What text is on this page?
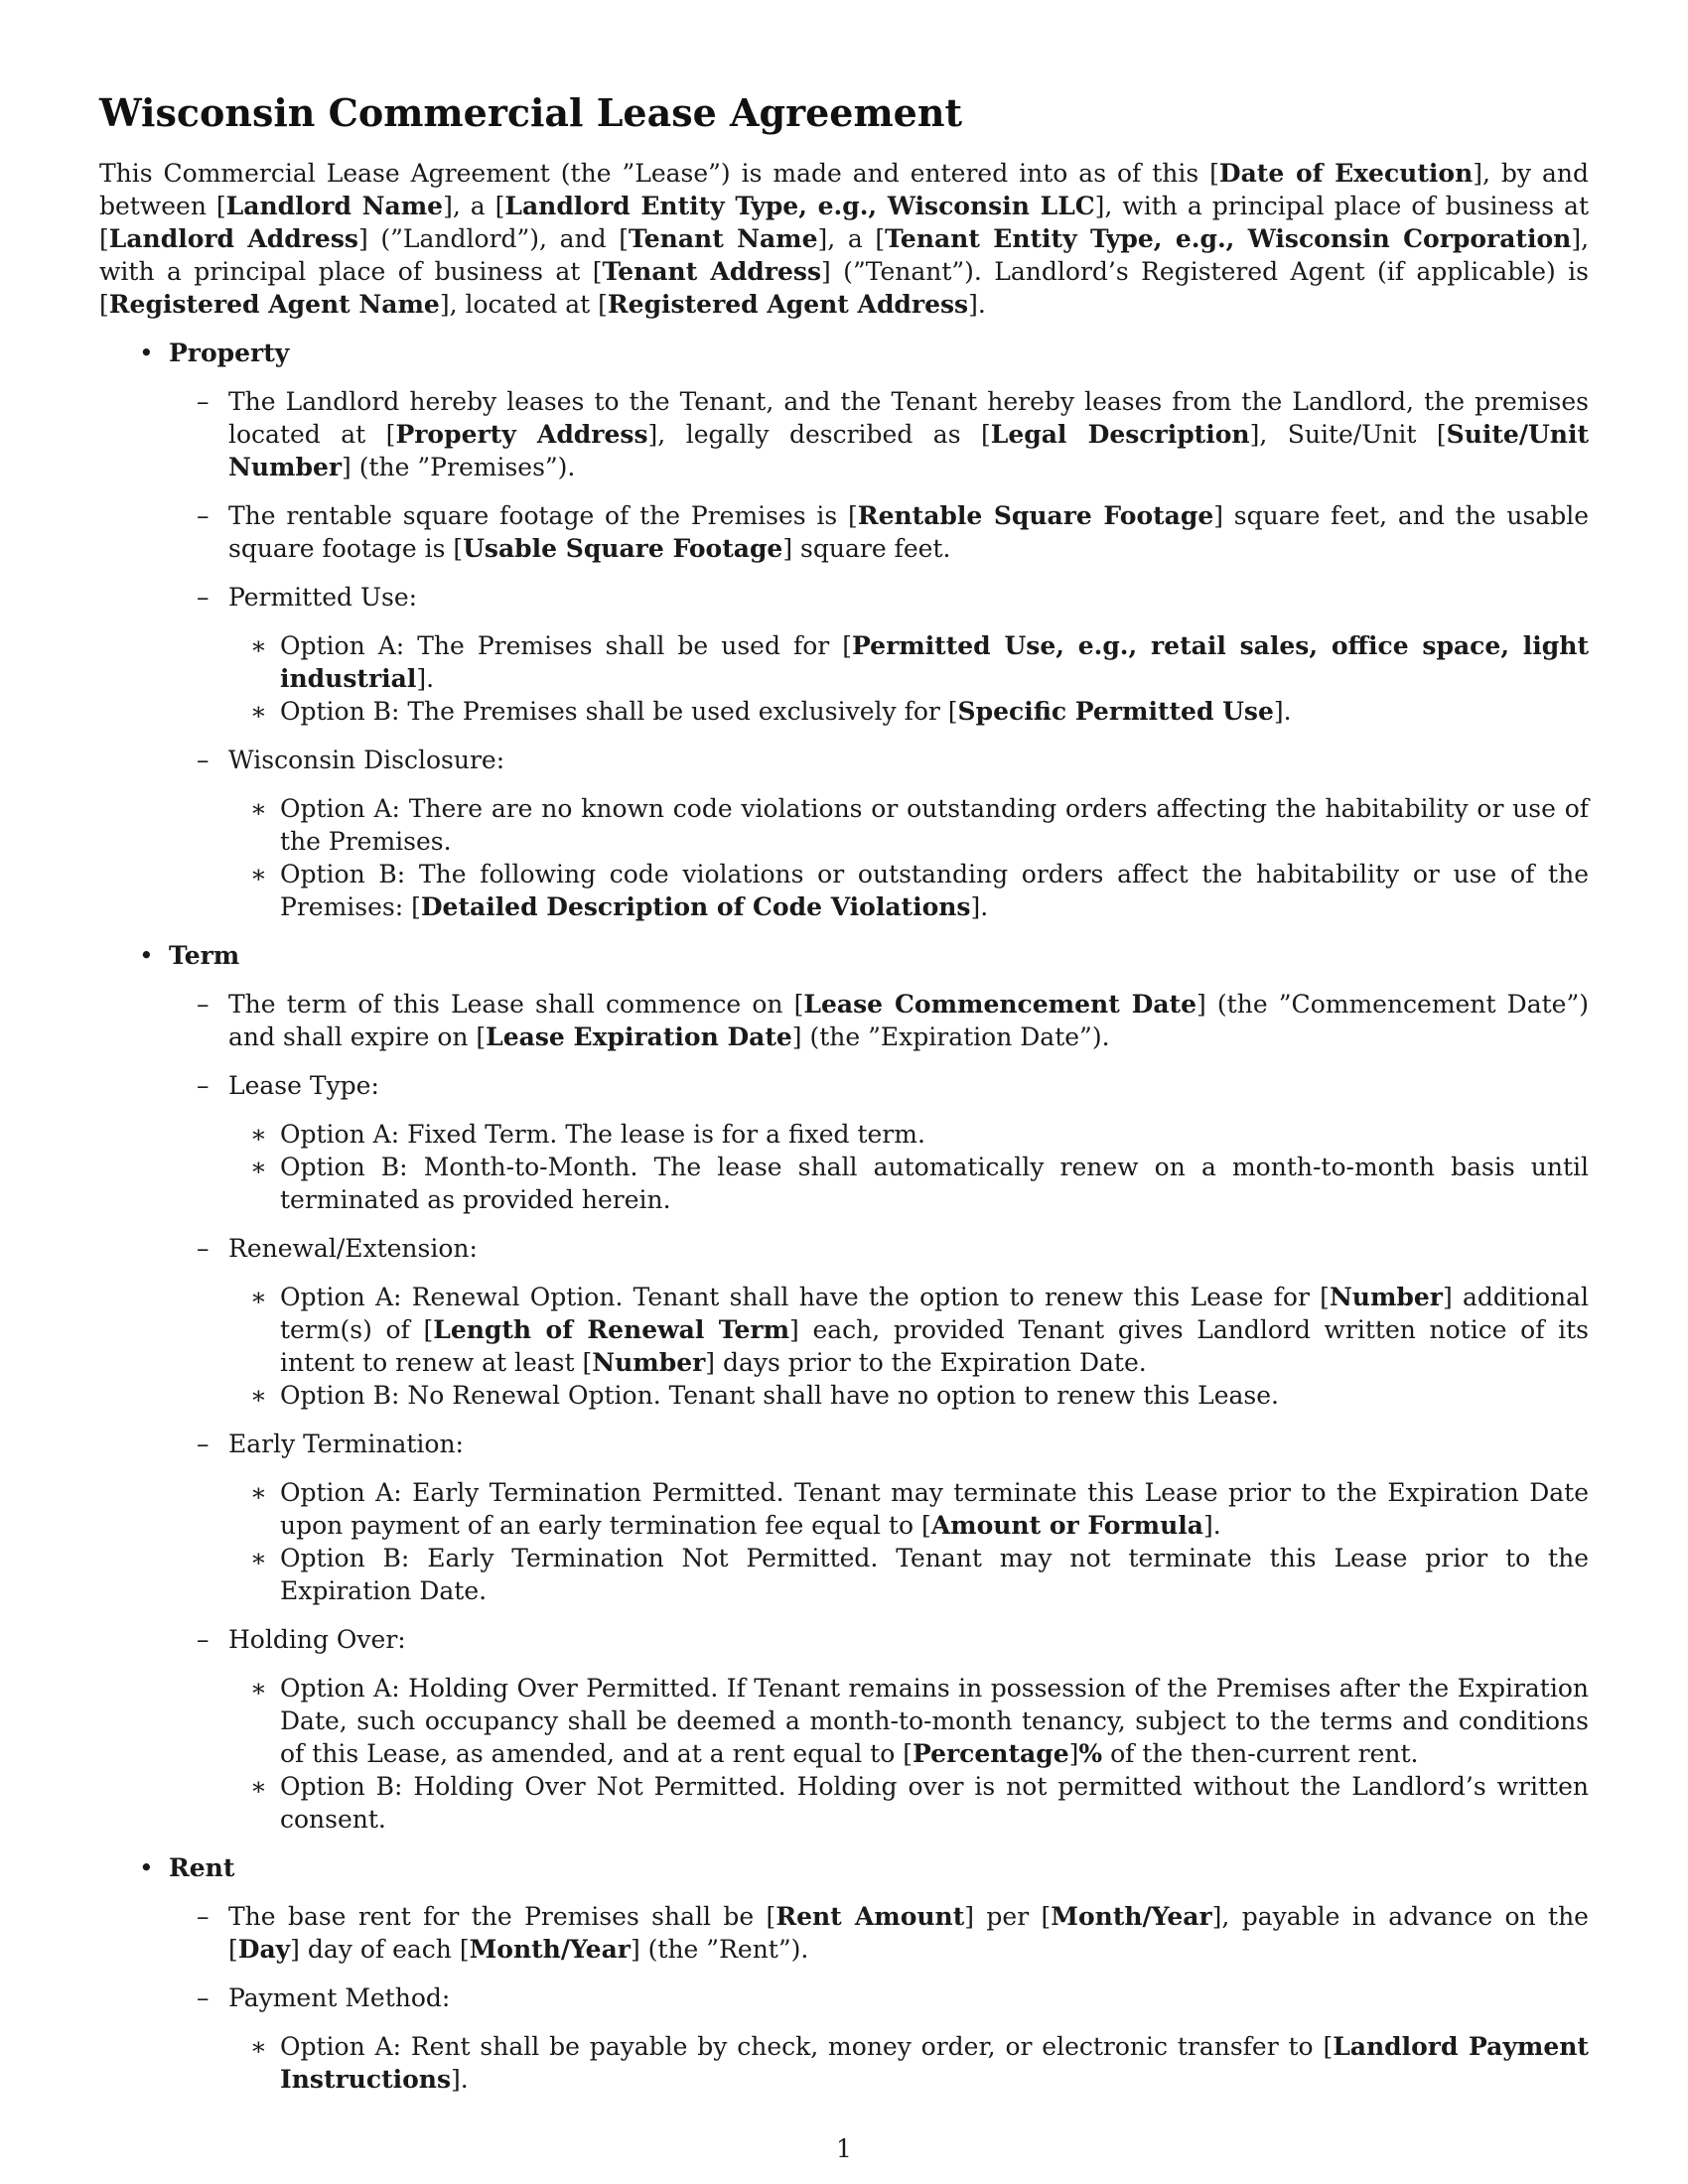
Wisconsin Commercial Lease Agreement

This Commercial Lease Agreement (the ”Lease”) is made and entered into as of this [Date of Execution], by and between [Landlord Name], a [Landlord Entity Type, e.g., Wisconsin LLC], with a principal place of business at [Landlord Address] (”Landlord”), and [Tenant Name], a [Tenant Entity Type, e.g., Wisconsin Corporation], with a principal place of business at [Tenant Address] (”Tenant”). Landlord’s Registered Agent (if applicable) is [Registered Agent Name], located at [Registered Agent Address].

• Property
– The Landlord hereby leases to the Tenant, and the Tenant hereby leases from the Landlord, the premises located at [Property Address], legally described as [Legal Description], Suite/Unit [Suite/Unit Number] (the ”Premises”).
– The rentable square footage of the Premises is [Rentable Square Footage] square feet, and the usable square footage is [Usable Square Footage] square feet.
– Permitted Use:
∗ Option A: The Premises shall be used for [Permitted Use, e.g., retail sales, office space, light industrial].
∗ Option B: The Premises shall be used exclusively for [Specific Permitted Use].
– Wisconsin Disclosure:
∗ Option A: There are no known code violations or outstanding orders affecting the habitability or use of the Premises.
∗ Option B: The following code violations or outstanding orders affect the habitability or use of the Premises: [Detailed Description of Code Violations].
• Term
– The term of this Lease shall commence on [Lease Commencement Date] (the ”Commencement Date”) and shall expire on [Lease Expiration Date] (the ”Expiration Date”).
– Lease Type:
∗ Option A: Fixed Term. The lease is for a fixed term.
∗ Option B: Month-to-Month. The lease shall automatically renew on a month-to-month basis until terminated as provided herein.
– Renewal/Extension:
∗ Option A: Renewal Option. Tenant shall have the option to renew this Lease for [Number] additional term(s) of [Length of Renewal Term] each, provided Tenant gives Landlord written notice of its intent to renew at least [Number] days prior to the Expiration Date.
∗ Option B: No Renewal Option. Tenant shall have no option to renew this Lease.
– Early Termination:
∗ Option A: Early Termination Permitted. Tenant may terminate this Lease prior to the Expiration Date upon payment of an early termination fee equal to [Amount or Formula].
∗ Option B: Early Termination Not Permitted. Tenant may not terminate this Lease prior to the Expiration Date.
– Holding Over:
∗ Option A: Holding Over Permitted. If Tenant remains in possession of the Premises after the Expiration Date, such occupancy shall be deemed a month-to-month tenancy, subject to the terms and conditions of this Lease, as amended, and at a rent equal to [Percentage]% of the then-current rent.
∗ Option B: Holding Over Not Permitted. Holding over is not permitted without the Landlord’s written consent.
• Rent
– The base rent for the Premises shall be [Rent Amount] per [Month/Year], payable in advance on the [Day] day of each [Month/Year] (the ”Rent”).
– Payment Method:
∗ Option A: Rent shall be payable by check, money order, or electronic transfer to [Landlord Payment Instructions].
1
